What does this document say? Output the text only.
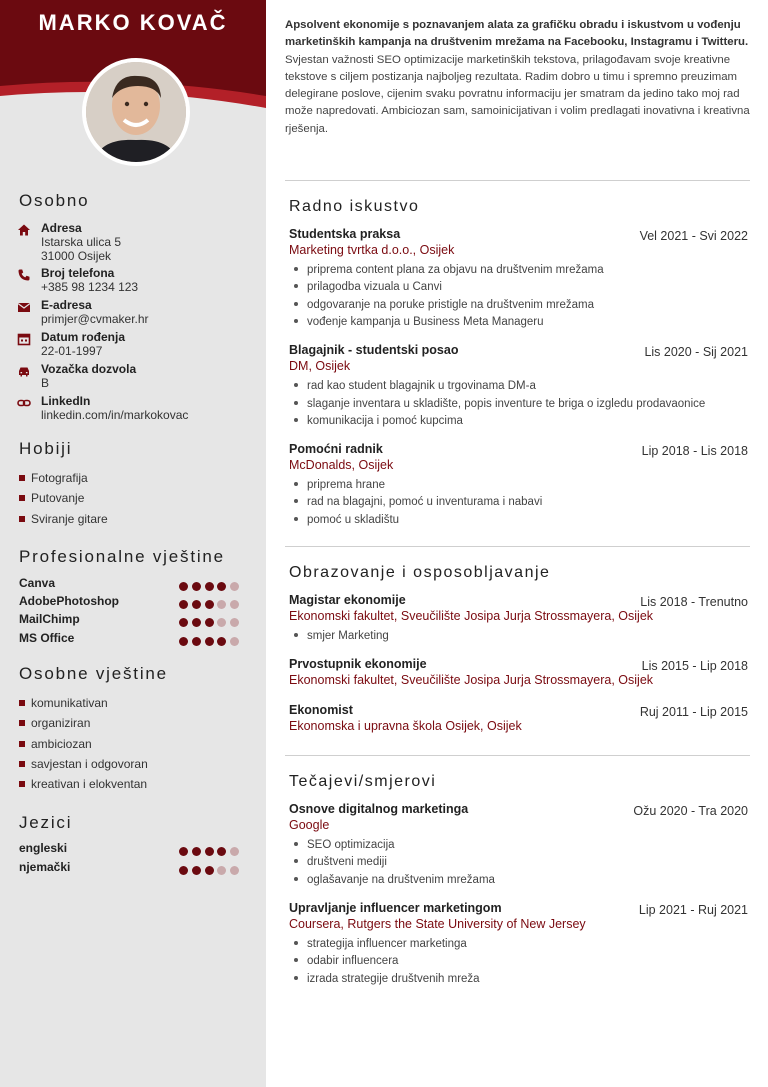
MARKO KOVAČ
Osobno
Adresa
Istarska ulica 5
31000 Osijek
Broj telefona
+385 98 1234 123
E-adresa
primjer@cvmaker.hr
Datum rođenja
22-01-1997
Vozačka dozvola
B
LinkedIn
linkedin.com/in/markokovac
Hobiji
Fotografija
Putovanje
Sviranje gitare
Profesionalne vještine
Canva
AdobePhotoshop
MailChimp
MS Office
Osobne vještine
komunikativan
organiziran
ambiciozan
savjestan i odgovoran
kreativan i elokventan
Jezici
engleski
njemački
Apsolvent ekonomije s poznavanjem alata za grafičku obradu i iskustvom u vođenju marketinških kampanja na društvenim mrežama na Facebooku, Instagramu i Twitteru.
Svjestan važnosti SEO optimizacije marketinških tekstova, prilagođavam svoje kreativne tekstove s ciljem postizanja najboljeg rezultata. Radim dobro u timu i spremno preuzimam delegirane poslove, cijenim svaku povratnu informaciju jer smatram da jedino tako moj rad može napredovati. Ambiciozan sam, samoinicijativan i volim predlagati inovativna i kreativna rješenja.
Radno iskustvo
Studentska praksa	Vel 2021 - Svi 2022
Marketing tvrtka d.o.o., Osijek
priprema content plana za objavu na društvenim mrežama
prilagodba vizuala u Canvi
odgovaranje na poruke pristigle na društvenim mrežama
vođenje kampanja u Business Meta Manageru
Blagajnik - studentski posao	Lis 2020 - Sij 2021
DM, Osijek
rad kao student blagajnik u trgovinama DM-a
slaganje inventara u skladište, popis inventure te briga o izgledu prodavaonice
komunikacija i pomoć kupcima
Pomoćni radnik	Lip 2018 - Lis 2018
McDonalds, Osijek
priprema hrane
rad na blagajni, pomoć u inventurama i nabavi
pomoć u skladištu
Obrazovanje i osposobljavanje
Magistar ekonomije	Lis 2018 - Trenutno
Ekonomski fakultet, Sveučilište Josipa Jurja Strossmayera, Osijek
smjer Marketing
Prvostupnik ekonomije	Lis 2015 - Lip 2018
Ekonomski fakultet, Sveučilište Josipa Jurja Strossmayera, Osijek
Ekonomist	Ruj 2011 - Lip 2015
Ekonomska i upravna škola Osijek, Osijek
Tečajevi/smjerovi
Osnove digitalnog marketinga	Ožu 2020 - Tra 2020
Google
SEO optimizacija
društveni mediji
oglašavanje na društvenim mrežama
Upravljanje influencer marketingom	Lip 2021 - Ruj 2021
Coursera, Rutgers the State University of New Jersey
strategija influencer marketinga
odabir influencera
izrada strategije društvenih mreža
